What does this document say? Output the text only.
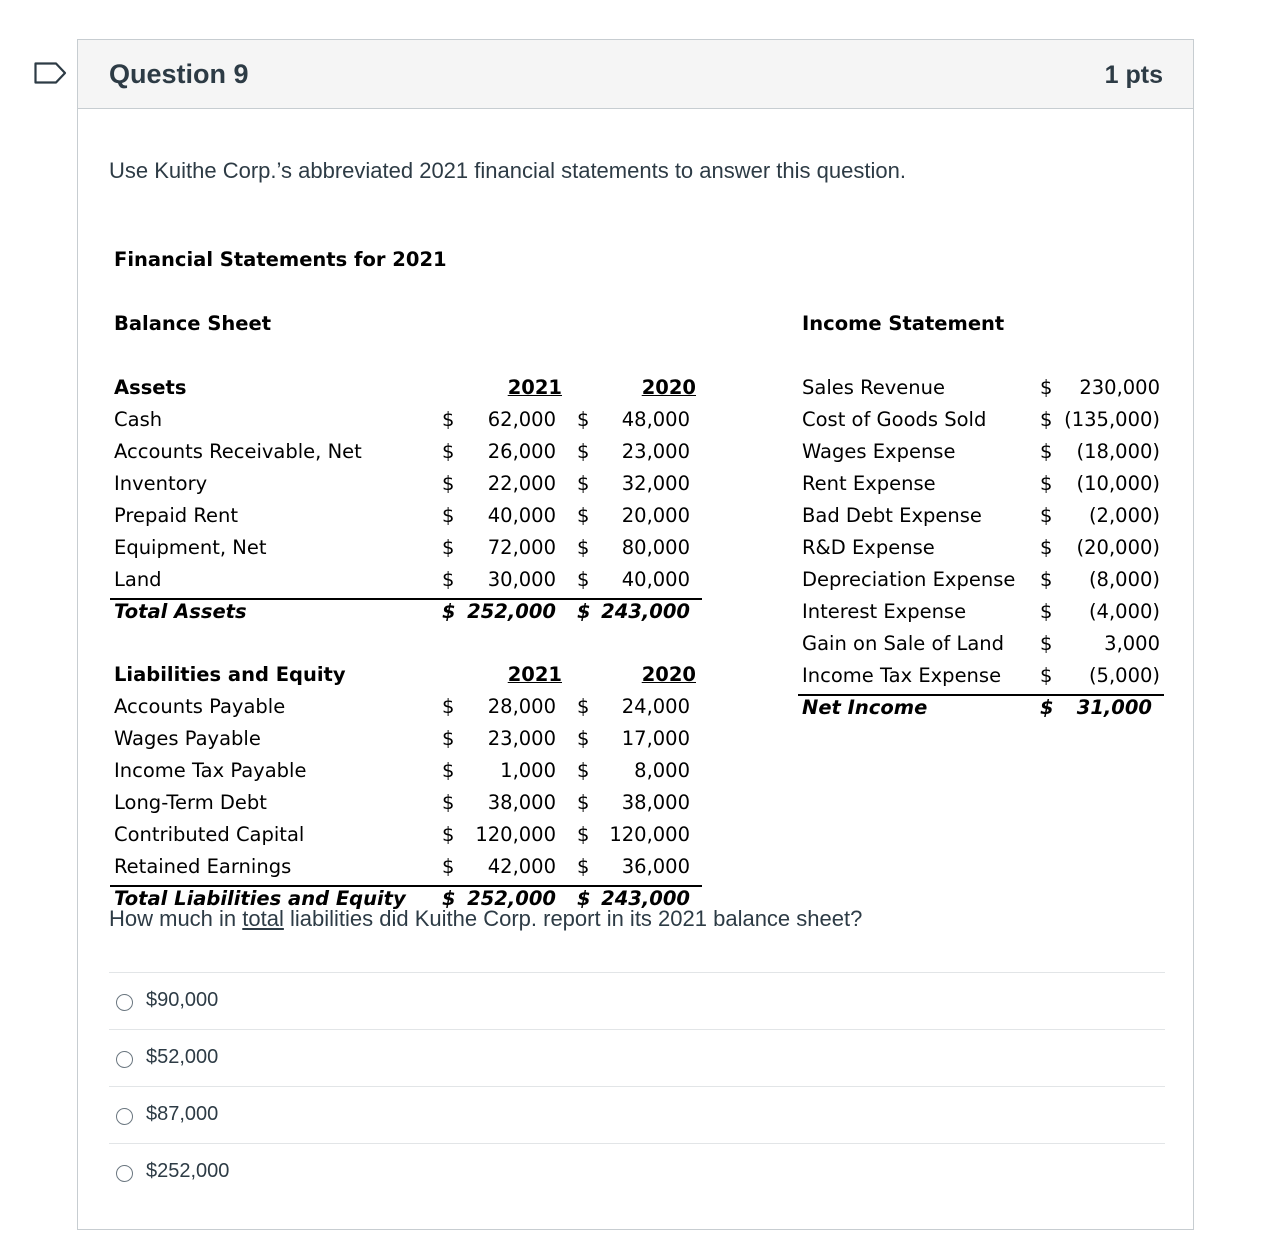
Question 9	1 pts
Use Kuithe Corp.’s abbreviated 2021 financial statements to answer this question.
Financial Statements for 2021
Balance Sheet	Income Statement
Assets	2021	2020
Cash	$	62,000 $	48,000
Accounts Receivable, Net	$	26,000 $	23,000
Inventory	$	22,000 $	32,000
Prepaid Rent	$	40,000 $	20,000
Equipment, Net	$	72,000 $	80,000
Land	$	30,000 $	40,000
Total Assets	$ 252,000 $ 243,000
Liabilities and Equity	2021	2020
Accounts Payable	$	28,000 $	24,000
Wages Payable	$	23,000 $	17,000
Income Tax Payable	$	1,000 $	8,000
Long-Term Debt	$	38,000 $	38,000
Contributed Capital	$	120,000 $	120,000
Retained Earnings	$	42,000 $	36,000
Total Liabilities and Equity $ 252,000 $ 243,000
Sales Revenue	$	230,000
Cost of Goods Sold	$ (135,000)
Wages Expense	$	(18,000)
Rent Expense	$	(10,000)
Bad Debt Expense	$	(2,000)
R&D Expense	$	(20,000)
Depreciation Expense $	(8,000)
Interest Expense	$	(4,000)
Gain on Sale of Land $	3,000
Income Tax Expense $	(5,000)
Net Income	$	31,000
How much in total liabilities did Kuithe Corp. report in its 2021 balance sheet?
$90,000
$52,000
$87,000
$252,000
